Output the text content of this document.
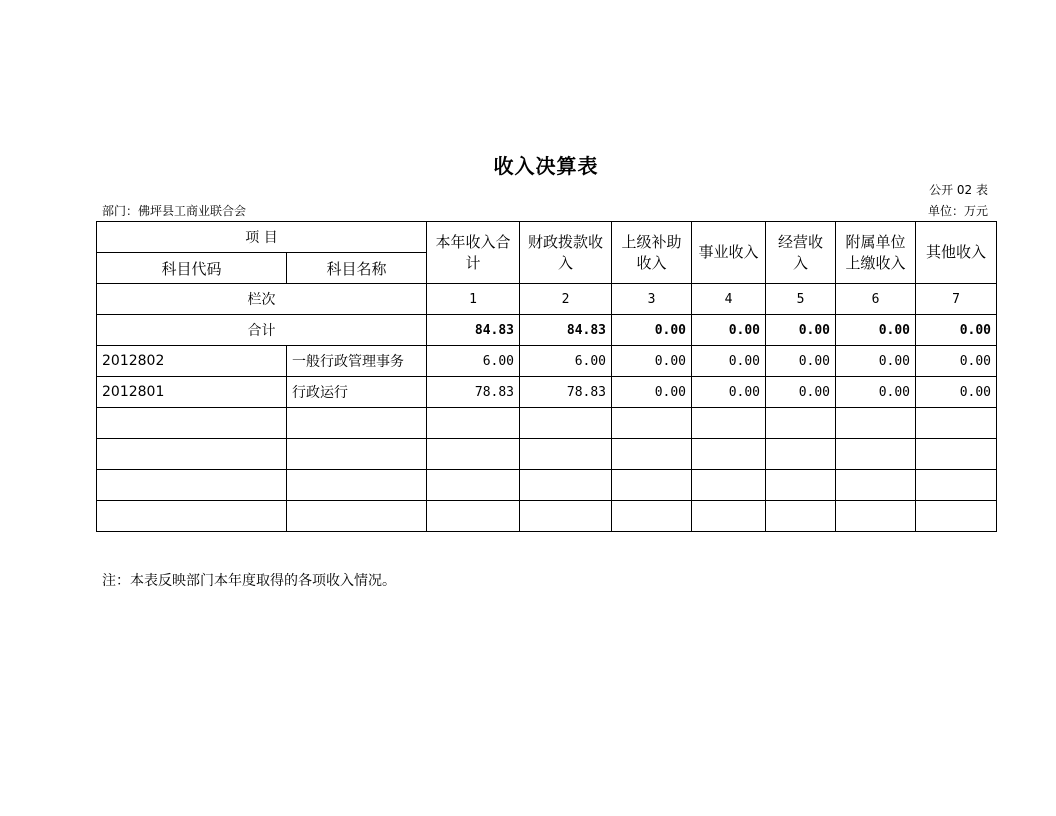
收入决算表
公开 02 表
部门：佛坪县工商业联合会	单位：万元
项 目		本年收入合计	财政拨款收入	上级补助收入	事业收入	经营收入	附属单位上缴收入	其他收入
科目代码	科目名称							
栏次		1	2	3	4	5	6	7
合计		84.83	84.83	0.00	0.00	0.00	0.00	0.00
2012802	一般行政管理事务	6.00	6.00	0.00	0.00	0.00	0.00	0.00
2012801	行政运行	78.83	78.83	0.00	0.00	0.00	0.00	0.00

注：本表反映部门本年度取得的各项收入情况。
